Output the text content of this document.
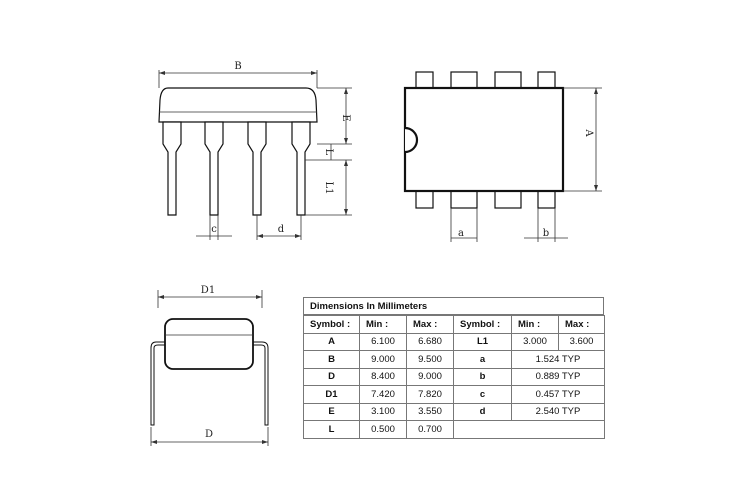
B
E
L
L1
c	d
A
a	b
D1
D
Dimensions In Millimeters
Symbol :	Min :	Max :	Symbol :	Min :	Max :
A	6.100	6.680	L1	3.000	3.600
B	9.000	9.500	a	1.524 TYP	
D	8.400	9.000	b	0.889 TYP	
D1	7.420	7.820	c	0.457 TYP	
E	3.100	3.550	d	2.540 TYP	
L	0.500	0.700			
